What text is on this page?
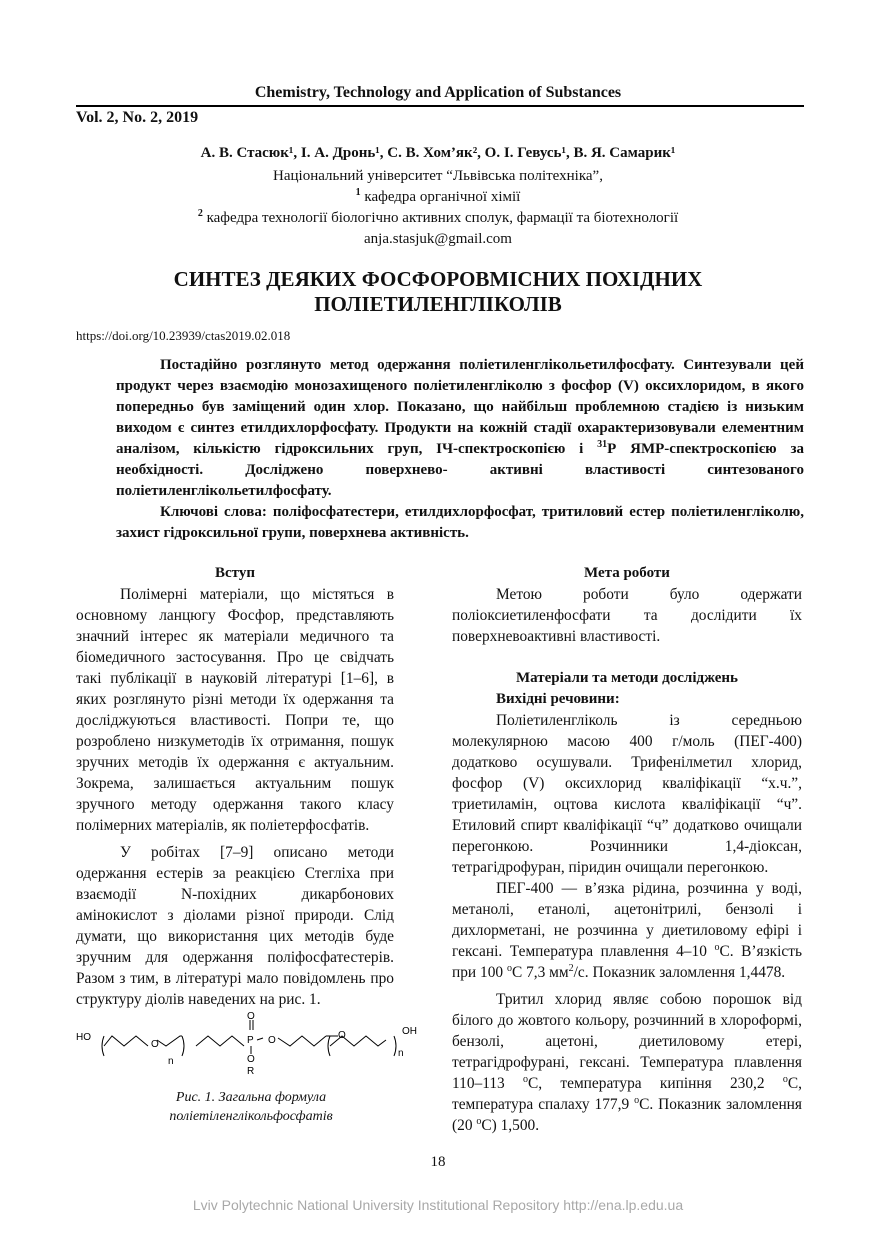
Chemistry, Technology and Application of Substances
Vol. 2, No. 2, 2019
А. В. Стасюк¹, І. А. Дронь¹, С. В. Хом’як², О. І. Гевусь¹, В. Я. Самарик¹
Національний університет “Львівська політехніка”,
$^1$ кафедра органічної хімії
$^2$ кафедра технології біологічно активних сполук, фармації та біотехнології
anja.stasjuk@gmail.com
СИНТЕЗ ДЕЯКИХ ФОСФОРОВМІСНИХ ПОХІДНИХ
ПОЛІЕТИЛЕНГЛІКОЛІВ
https://doi.org/10.23939/ctas2019.02.018

Постадійно розглянуто метод одержання поліетиленглікольетилфосфату. Синтезували цей продукт через взаємодію монозахищеного поліетиленгліколю з фосфор (V) оксихлоридом, в якого попередньо був заміщений один хлор. Показано, що найбільш проблемною стадією із низьким виходом є синтез етилдихлорфосфату. Продукти на кожній стадії охарактеризовували елементним аналізом, кількістю гідроксильних груп, ІЧ-спектроскопією і $^{31}$Р ЯМР-спектроскопією за необхідності. Досліджено поверхнево- активні властивості синтезованого поліетиленглікольетилфосфату.

Ключові слова: поліфосфатестери, етилдихлорфосфат, тритиловий естер поліетиленгліколю, захист гідроксильної групи, поверхнева активність.

Вступ

Полімерні матеріали, що містяться в основному ланцюгу Фосфор, представляють значний інтерес як матеріали медичного та біомедичного застосування. Про це свідчать такі публікації в науковій літературі [1–6], в яких розглянуто різні методи їх одержання та досліджуються властивості. Попри те, що розроблено низкуметодів їх отримання, пошук зручних методів їх одержання є актуальним. Зокрема, залишається актуальним пошук зручного методу одержання такого класу полімерних матеріалів, як поліетерфосфатів.

У робітах [7–9] описано методи одержання естерів за реакцією Стегліха при взаємодії N-похідних дикарбонових амінокислот з діолами різної природи. Слід думати, що використання цих методів буде зручним для одержання поліфосфатестерів. Разом з тим, в літературі мало повідомлень про структуру діолів наведених на рис. 1.

HO
O
n
O
P O
O
R
O	OH
n
Рис. 1. Загальна формула
поліетіленглікольфосфатів
Мета роботи

Метою роботи було одержати поліоксиетиленфосфати та дослідити їх поверхневоактивні властивості.

Матеріали та методи досліджень
Вихідні речовини:

Поліетиленгліколь із середньою молекулярною масою 400 г/моль (ПЕГ-400) додатково осушували. Трифенілметил хлорид, фосфор (V) оксихлорид кваліфікації “х.ч.”, триетиламін, оцтова кислота кваліфікації “ч”. Етиловий спирт кваліфікації “ч” додатково очищали перегонкою. Розчинники 1,4-діоксан, тетрагідрофуран, піридин очищали перегонкою.

ПЕГ-400 — в’язка рідина, розчинна у воді, метанолі, етанолі, ацетонітрилі, бензолі і дихлорметані, не розчинна у диетиловому ефірі і гексані. Температура плавлення 4–10 $^o$С. В’язкість при 100 $^o$С 7,3 $мм^2/с$. Показник заломлення 1,4478.

Тритил хлорид являє собою порошок від білого до жовтого кольору, розчинний в хлороформі, бензолі, ацетоні, диетиловому етері, тетрагідрофурані, гексані. Температура плавлення 110–113 $^o$С, температура кипіння 230,2 $^o$С, температура спалаху 177,9 $^o$С. Показник заломлення (20 $^o$С) 1,500.

18
Lviv Polytechnic National University Institutional Repository http://ena.lp.edu.ua
